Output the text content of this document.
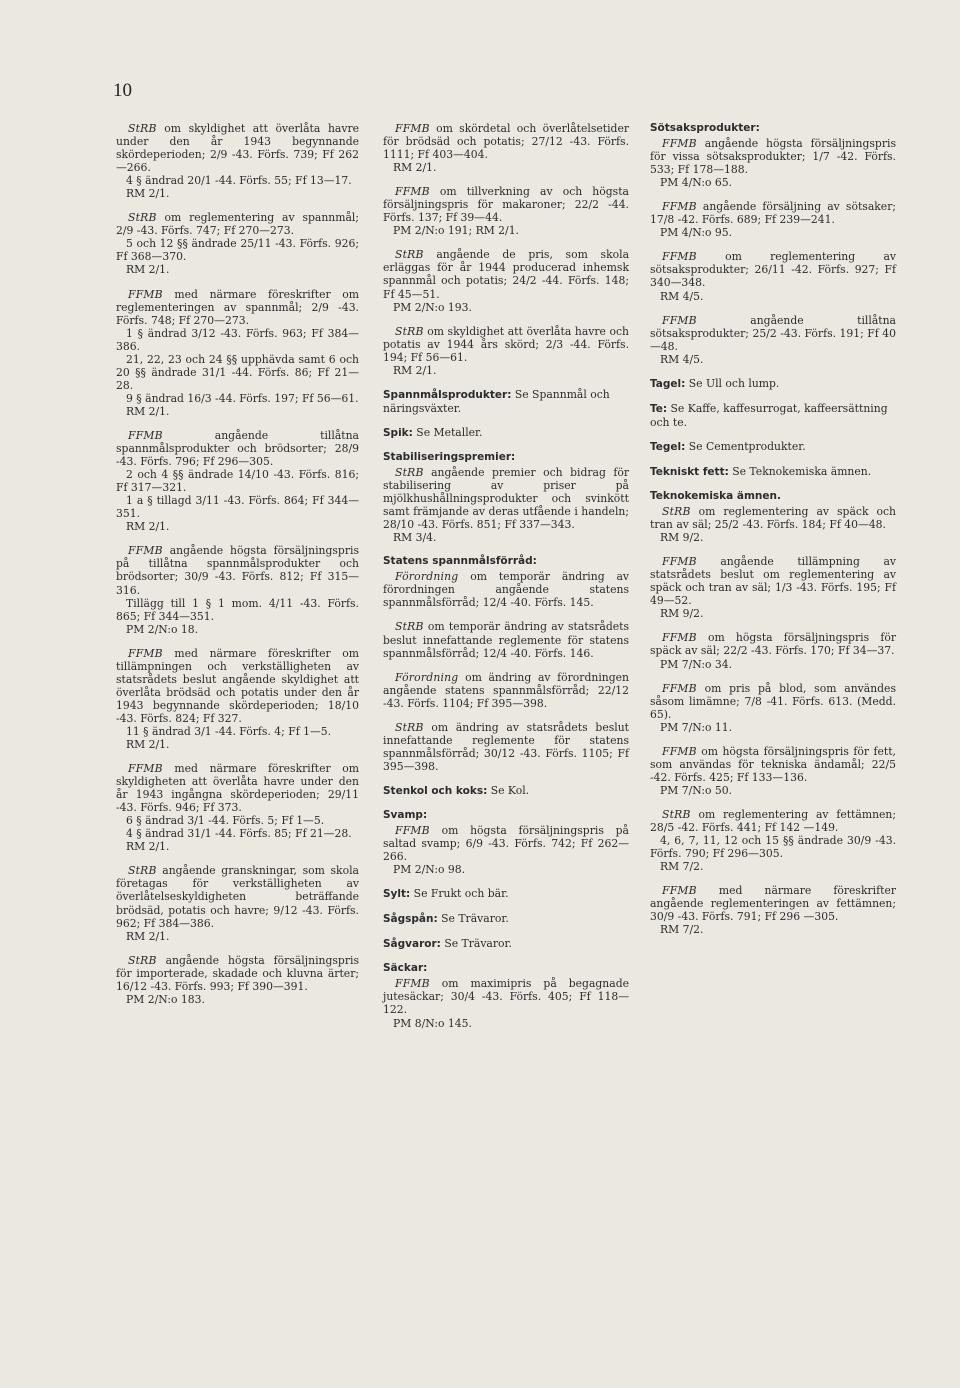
10

StRB om skyldighet att överlåta havre under den år 1943 begynnande skördeperioden; 2/9 -43. Förfs. 739; Ff 262—266.

4 § ändrad 20/1 -44. Förfs. 55; Ff 13—17.

RM 2/1.

StRB om reglementering av spannmål; 2/9 -43. Förfs. 747; Ff 270—273.

5 och 12 §§ ändrade 25/11 -43. Förfs. 926; Ff 368—370.

RM 2/1.

FFMB med närmare föreskrifter om reglementeringen av spannmål; 2/9 -43. Förfs. 748; Ff 270—273.

1 § ändrad 3/12 -43. Förfs. 963; Ff 384—386.

21, 22, 23 och 24 §§ upphävda samt 6 och 20 §§ ändrade 31/1 -44. Förfs. 86; Ff 21—28.

9 § ändrad 16/3 -44. Förfs. 197; Ff 56—61.

RM 2/1.

FFMB	angående tillåtna spannmålsprodukter och brödsorter; 28/9 -43. Förfs. 796; Ff 296—305.

2 och 4 §§ ändrade 14/10 -43. Förfs. 816; Ff 317—321.

1 a § tillagd 3/11 -43. Förfs. 864; Ff 344—351.

RM 2/1.

FFMB angående högsta försäljningspris på tillåtna spannmålsprodukter och brödsorter; 30/9 -43. Förfs. 812; Ff 315—316.

Tillägg till 1 § 1 mom. 4/11 -43. Förfs. 865; Ff 344—351.

PM 2/N:o 18.

FFMB med närmare föreskrifter om tillämpningen och verkställigheten av statsrådets beslut angående skyldighet att överlåta brödsäd och potatis under den år 1943 begynnande skördeperioden; 18/10 -43. Förfs. 824; Ff 327.

11 § ändrad 3/1 -44. Förfs. 4; Ff 1—5.

RM 2/1.

FFMB med närmare föreskrifter om skyldigheten att överlåta havre under den år 1943 ingångna skördeperioden; 29/11 -43. Förfs. 946; Ff 373.

6 § ändrad 3/1 -44. Förfs. 5; Ff 1—5.

4 § ändrad 31/1 -44. Förfs. 85; Ff 21—28.

RM 2/1.

StRB angående granskningar, som skola företagas för verkställigheten av överlåtelseskyldigheten beträffande brödsäd, potatis och havre; 9/12 -43. Förfs. 962; Ff 384—386.

RM 2/1.

StRB angående högsta försäljningspris för importerade, skadade och kluvna ärter; 16/12 -43. Förfs. 993; Ff 390—391.

PM 2/N:o 183.

FFMB om skördetal och överlåtelsetider för brödsäd och potatis; 27/12 -43. Förfs. 1111; Ff 403—404.

RM 2/1.

FFMB om tillverkning av och högsta försäljningspris för makaroner; 22/2 -44. Förfs. 137; Ff 39—44.

PM 2/N:o 191; RM 2/1.

StRB angående de pris, som skola erläggas för år 1944 producerad inhemsk spannmål och potatis; 24/2 -44. Förfs. 148; Ff 45—51.

PM 2/N:o 193.

StRB om skyldighet att överlåta havre och potatis av 1944 års skörd; 2/3 -44. Förfs. 194; Ff 56—61.

RM 2/1.

Spannmålsprodukter: Se Spannmål och näringsväxter.
Spik: Se Metaller.
Stabiliseringspremier:

StRB angående premier och bidrag för stabilisering av priser på mjölkhushållningsprodukter och svinkött samt främjande av deras utfående i handeln; 28/10 -43. Förfs. 851; Ff 337—343.

RM 3/4.

Statens spannmålsförråd:

Förordning om temporär ändring av förordningen angående statens spannmålsförråd; 12/4 -40. Förfs. 145.

StRB om temporär ändring av statsrådets beslut innefattande reglemente för statens spannmålsförråd; 12/4 -40. Förfs. 146.

Förordning om ändring av förordningen angående statens spannmålsförråd; 22/12 -43. Förfs. 1104; Ff 395—398.

StRB om ändring av statsrådets beslut innefattande reglemente för statens spannmålsförråd; 30/12 -43. Förfs. 1105; Ff 395—398.

Stenkol och koks: Se Kol.
Svamp:

FFMB om högsta försäljningspris på saltad svamp; 6/9 -43. Förfs. 742; Ff 262—266.

PM 2/N:o 98.

Sylt: Se Frukt och bär.
Sågspån: Se Trävaror.
Sågvaror: Se Trävaror.
Säckar:

FFMB om maximipris på begagnade jutesäckar; 30/4 -43. Förfs. 405; Ff 118—122.

PM 8/N:o 145.

Sötsaksprodukter:

FFMB angående högsta försäljningspris för vissa sötsaksprodukter; 1/7 -42. Förfs. 533; Ff 178—188.

PM 4/N:o 65.

FFMB angående försäljning av sötsaker; 17/8 -42. Förfs. 689; Ff 239—241.

PM 4/N:o 95.

FFMB	om reglementering av sötsaksprodukter; 26/11 -42. Förfs. 927; Ff 340—348.

RM 4/5.

FFMB	angående tillåtna sötsaksprodukter; 25/2 -43. Förfs. 191; Ff 40—48.

RM 4/5.

Tagel: Se Ull och lump.
Te: Se Kaffe, kaffesurrogat, kaffeersättning och te.
Tegel: Se Cementprodukter.
Tekniskt fett: Se Teknokemiska ämnen.
Teknokemiska ämnen.

StRB om reglementering av späck och tran av säl; 25/2 -43. Förfs. 184; Ff 40—48.

RM 9/2.

FFMB angående tillämpning av statsrådets beslut om reglementering av späck och tran av säl; 1/3 -43. Förfs. 195; Ff 49—52.

RM 9/2.

FFMB om högsta försäljningspris för späck av säl; 22/2 -43. Förfs. 170; Ff 34—37.

PM 7/N:o 34.

FFMB om pris på blod, som användes såsom limämne; 7/8 -41. Förfs. 613. (Medd. 65).

PM 7/N:o 11.

FFMB om högsta försäljningspris för fett, som användas för tekniska ändamål; 22/5 -42. Förfs. 425; Ff 133—136.

PM 7/N:o 50.

StRB om reglementering av fettämnen; 28/5 -42. Förfs. 441; Ff 142 —149.

4, 6, 7, 11, 12 och 15 §§ ändrade 30/9 -43. Förfs. 790; Ff 296—305.

RM 7/2.

FFMB med närmare föreskrifter angående reglementeringen av fettämnen; 30/9 -43. Förfs. 791; Ff 296 —305.

RM 7/2.
